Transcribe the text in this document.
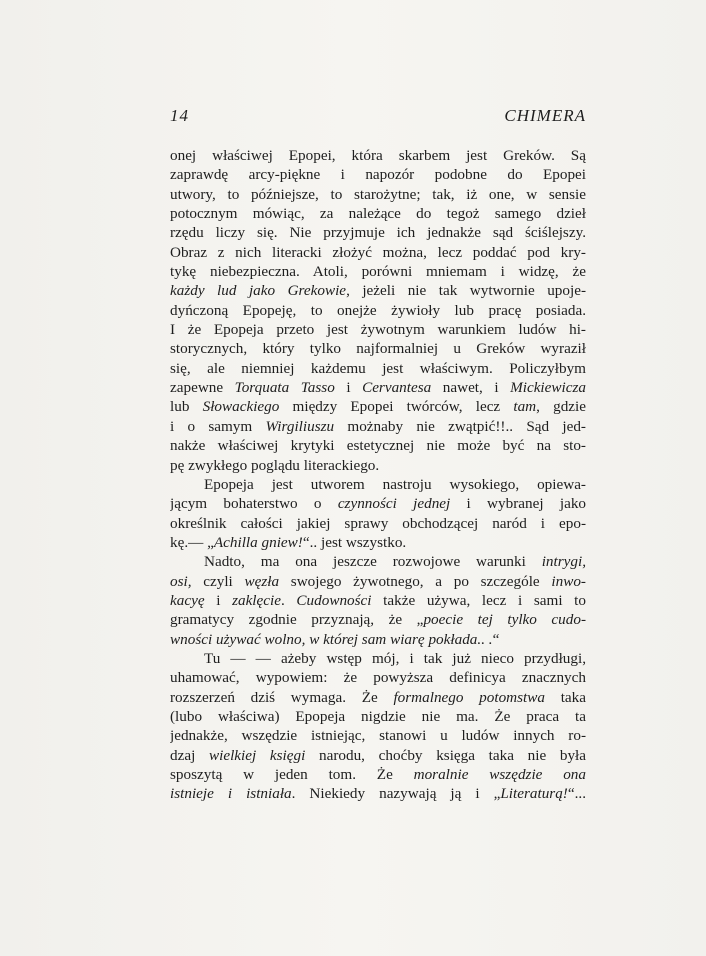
14	CHIMERA
onej właściwej Epopei, która skarbem jest Greków. Są
zaprawdę arcy-piękne i napozór podobne do Epopei
utwory, to późniejsze, to starożytne; tak, iż one, w sensie
potocznym mówiąc, za należące do tegoż samego dzieł
rzędu liczy się. Nie przyjmuje ich jednakże sąd ściślejszy.
Obraz z nich literacki złożyć można, lecz poddać pod kry-
tykę niebezpieczna. Atoli, porówni mniemam i widzę, że
każdy lud jako Grekowie, jeżeli nie tak wytwornie upoje-
dyńczoną Epopeję, to onejże żywioły lub pracę posiada.
I że Epopeja przeto jest żywotnym warunkiem ludów hi-
storycznych, który tylko najformalniej u Greków wyraził
się, ale niemniej każdemu jest właściwym. Policzyłbym
zapewne Torquata Tasso i Cervantesa nawet, i Mickiewicza
lub Słowackiego między Epopei twórców, lecz tam, gdzie
i o samym Wirgiliuszu możnaby nie zwątpić!!.. Sąd jed-
nakże właściwej krytyki estetycznej nie może być na sto-
pę zwykłego poglądu literackiego.
Epopeja jest utworem nastroju wysokiego, opiewa-
jącym bohaterstwo o czynności jednej i wybranej jako
określnik całości jakiej sprawy obchodzącej naród i epo-
kę.— „Achilla gniew!“.. jest wszystko.
Nadto, ma ona jeszcze rozwojowe warunki intrygi,
osi, czyli węzła swojego żywotnego, a po szczególe inwo-
kacyę i zaklęcie. Cudowności także używa, lecz i sami to
gramatycy zgodnie przyznają, że „poecie tej tylko cudo-
wności używać wolno, w której sam wiarę pokłada.. .“
Tu — — ażeby wstęp mój, i tak już nieco przydługi,
uhamować, wypowiem: że powyższa definicya znacznych
rozszerzeń dziś wymaga. Że formalnego potomstwa taka
(lubo właściwa) Epopeja nigdzie nie ma. Że praca ta
jednakże, wszędzie istniejąc, stanowi u ludów innych ro-
dzaj wielkiej księgi narodu, choćby księga taka nie była
sposzytą w jeden tom. Że moralnie wszędzie ona
istnieje i istniała. Niekiedy nazywają ją i „Literaturą!“...
